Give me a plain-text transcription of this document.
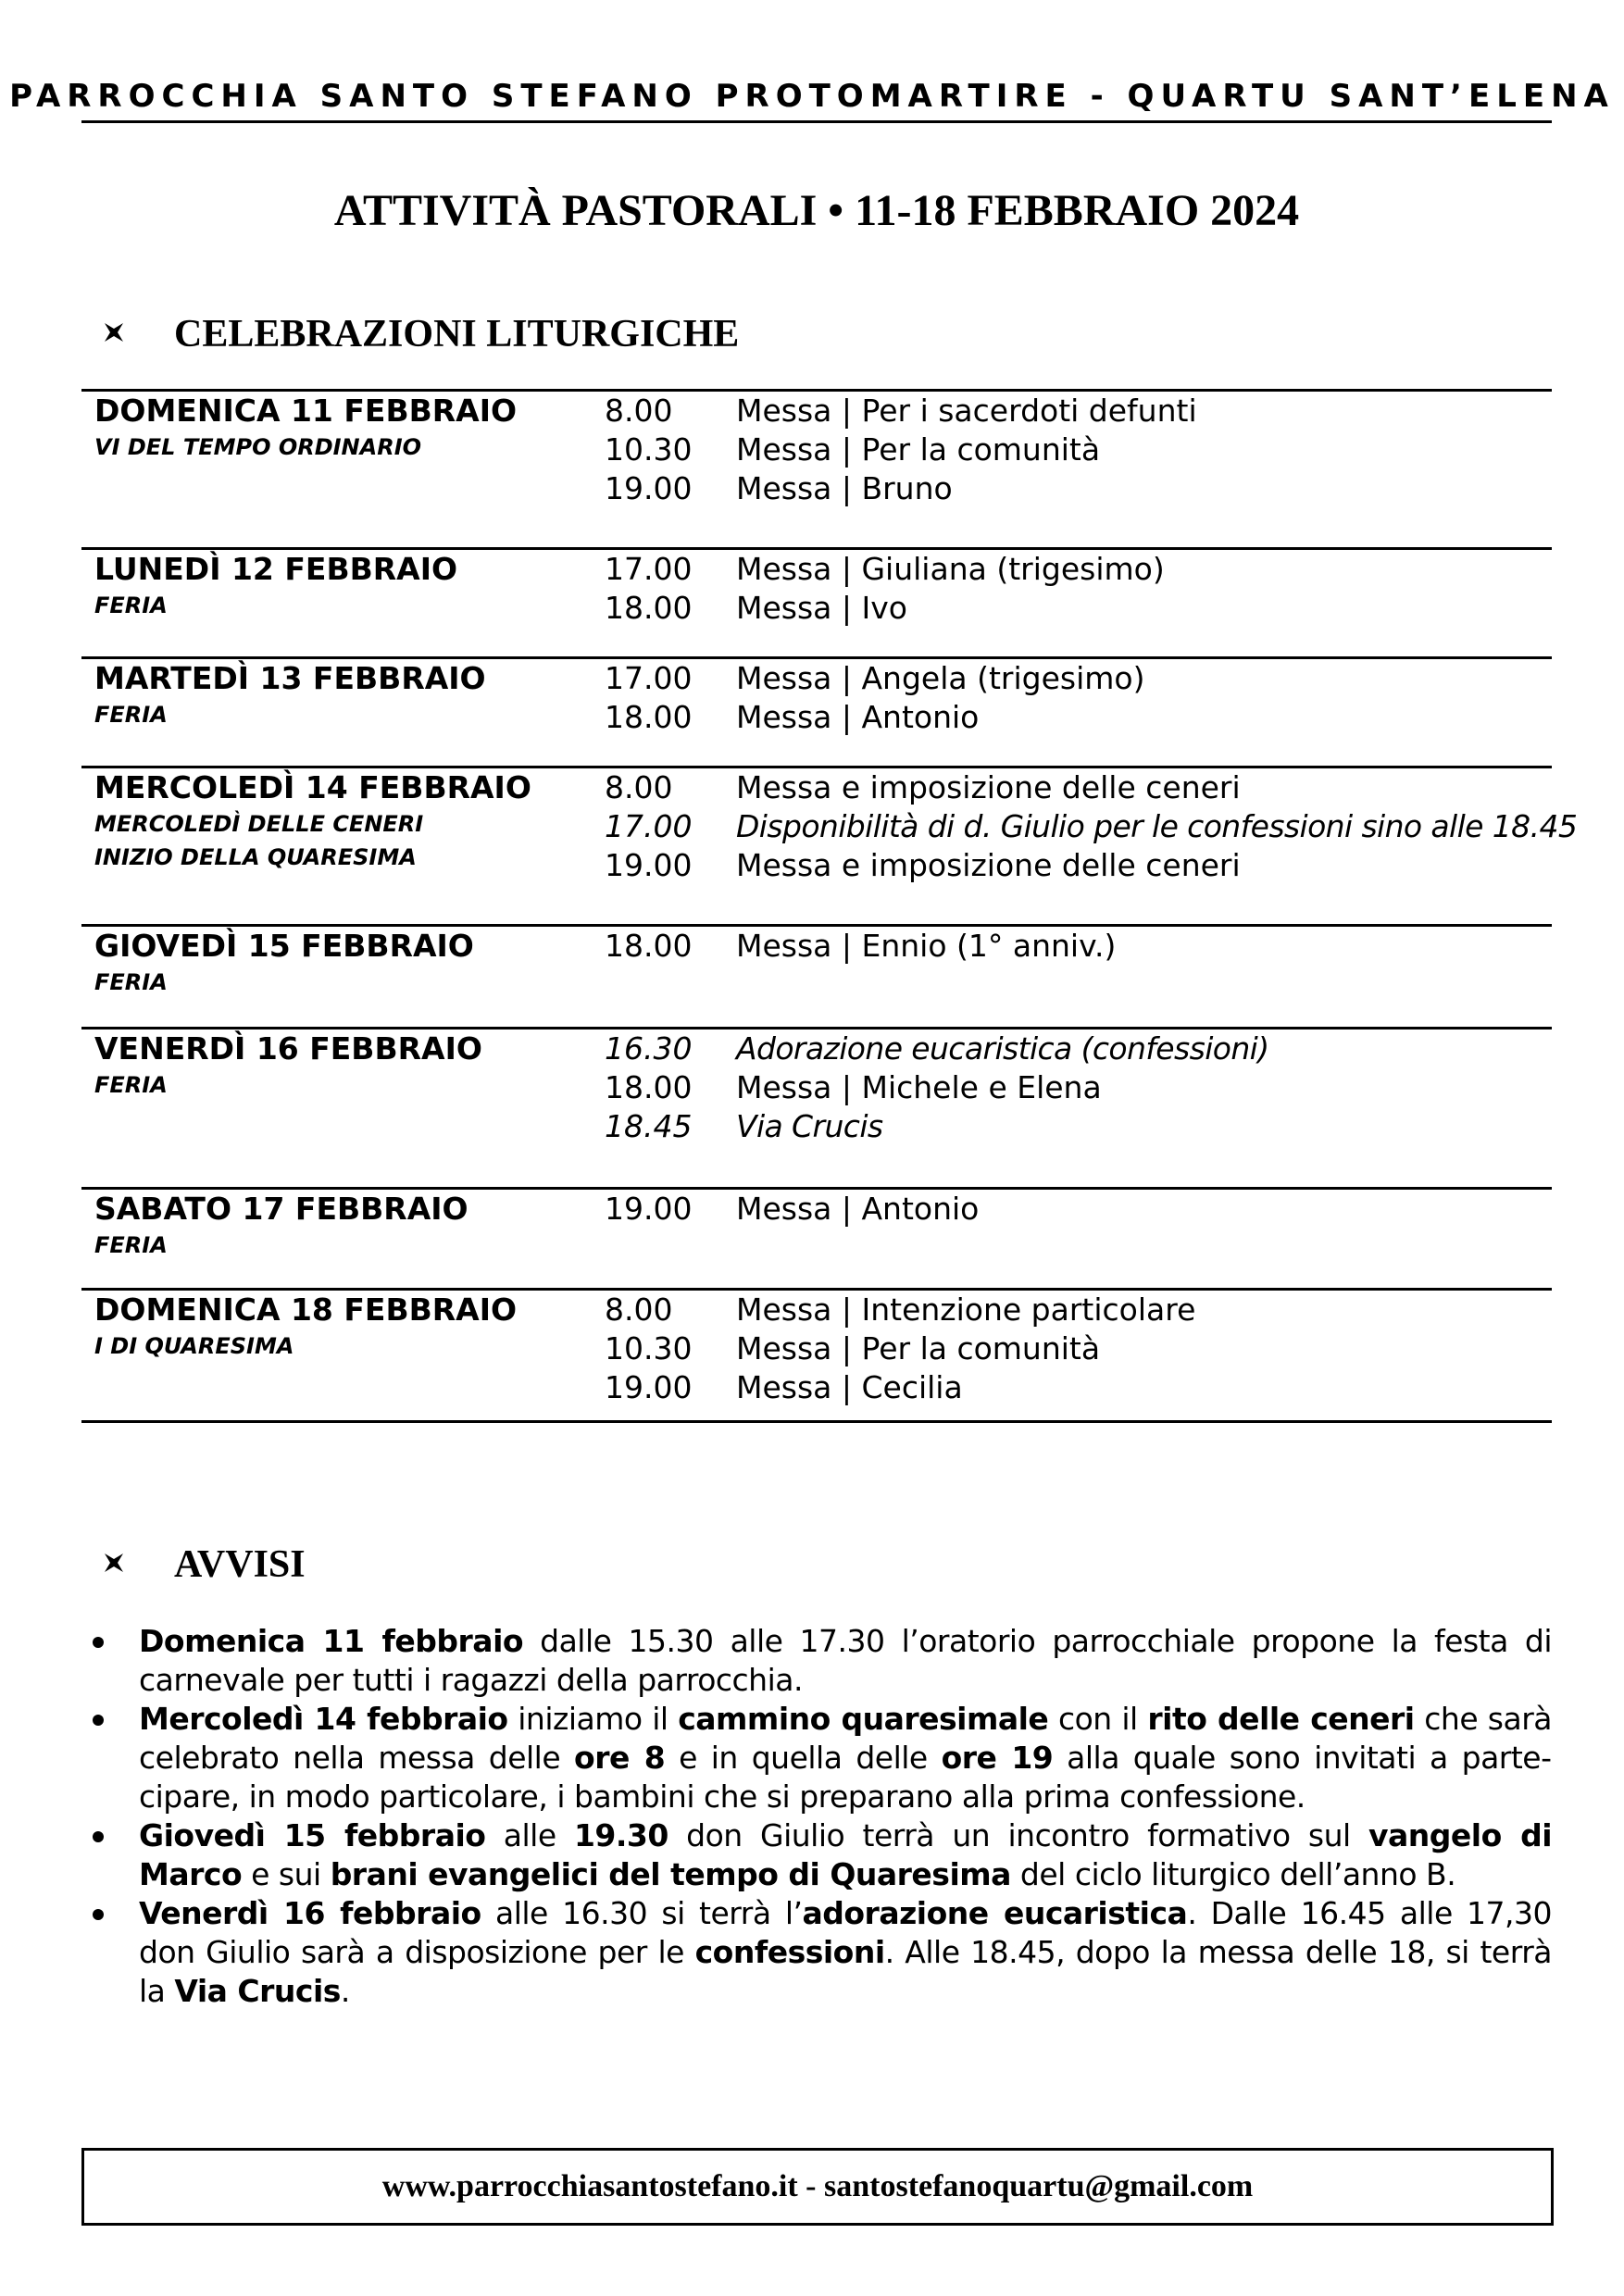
PARROCCHIA SANTO STEFANO PROTOMARTIRE - QUARTU SANT’ELENA
ATTIVITÀ PASTORALI • 11-18 FEBBRAIO 2024
CELEBRAZIONI LITURGICHE
DOMENICA 11 FEBBRAIO
VI DEL TEMPO ORDINARIO
8.00 Messa | Per i sacerdoti defunti
10.30 Messa | Per la comunità
19.00 Messa | Bruno
LUNEDÌ 12 FEBBRAIO
FERIA
17.00 Messa | Giuliana (trigesimo)
18.00 Messa | Ivo
MARTEDÌ 13 FEBBRAIO
FERIA
17.00 Messa | Angela (trigesimo)
18.00 Messa | Antonio
MERCOLEDÌ 14 FEBBRAIO
MERCOLEDÌ DELLE CENERI
INIZIO DELLA QUARESIMA
8.00 Messa e imposizione delle ceneri
17.00 Disponibilità di d. Giulio per le confessioni sino alle 18.45
19.00 Messa e imposizione delle ceneri
GIOVEDÌ 15 FEBBRAIO
FERIA
18.00 Messa | Ennio (1° anniv.)
VENERDÌ 16 FEBBRAIO
FERIA
16.30 Adorazione eucaristica (confessioni)
18.00 Messa | Michele e Elena
18.45 Via Crucis
SABATO 17 FEBBRAIO
FERIA
19.00 Messa | Antonio
DOMENICA 18 FEBBRAIO
I DI QUARESIMA
8.00 Messa | Intenzione particolare
10.30 Messa | Per la comunità
19.00 Messa | Cecilia
AVVISI
Domenica 11 febbraio dalle 15.30 alle 17.30 l’oratorio parrocchiale propone la festa di carnevale per tutti i ragazzi della parrocchia.
Mercoledì 14 febbraio iniziamo il cammino quaresimale con il rito delle ceneri che sarà celebrato nella messa delle ore 8 e in quella delle ore 19 alla quale sono invitati a partecipare, in modo particolare, i bambini che si preparano alla prima confessione.
Giovedì 15 febbraio alle 19.30 don Giulio terrà un incontro formativo sul vangelo di Marco e sui brani evangelici del tempo di Quaresima del ciclo liturgico dell’anno B.
Venerdì 16 febbraio alle 16.30 si terrà l’adorazione eucaristica. Dalle 16.45 alle 17,30 don Giulio sarà a disposizione per le confessioni. Alle 18.45, dopo la messa delle 18, si terrà la Via Crucis.
www.parrocchiasantostefano.it - santostefanoquartu@gmail.com
